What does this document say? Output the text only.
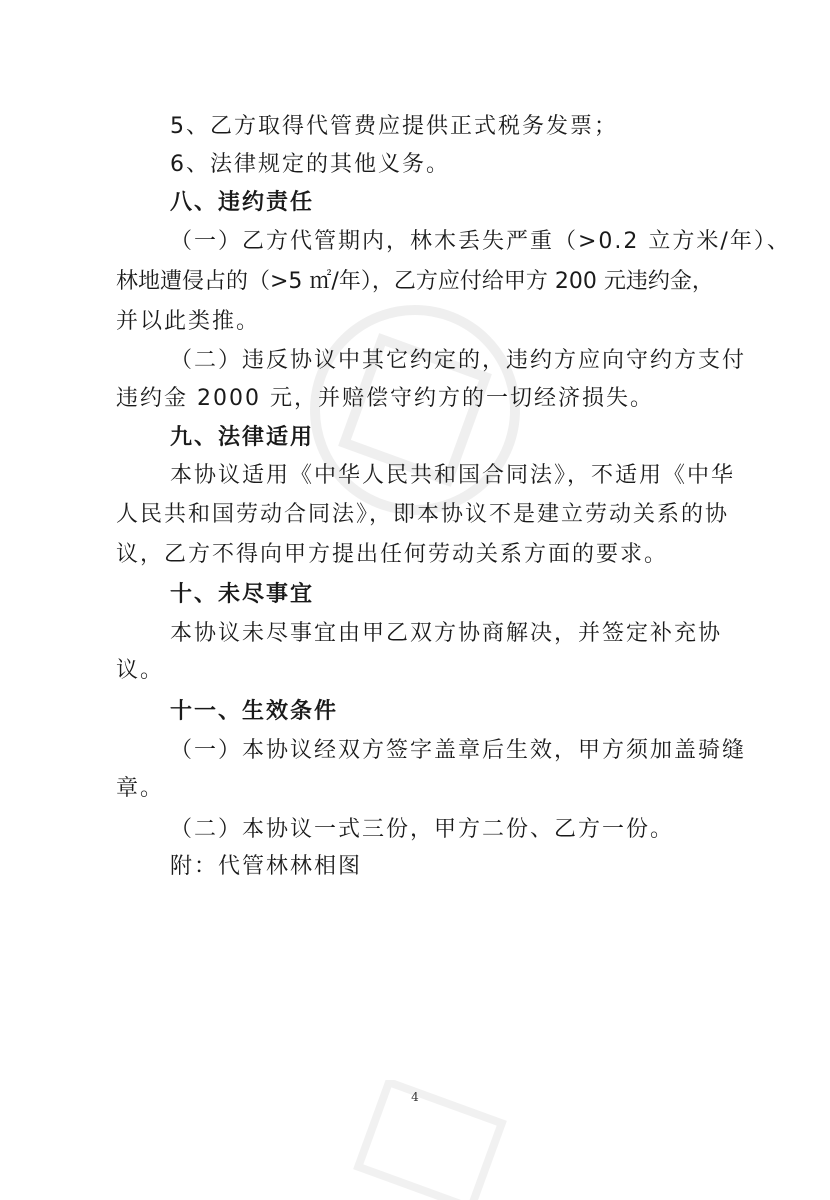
5、乙方取得代管费应提供正式税务发票；
6、法律规定的其他义务。
八、违约责任
（一）乙方代管期内，林木丢失严重（>0.2 立方米/年）、
林地遭侵占的（>5 ㎡/年），乙方应付给甲方 200 元违约金，
并以此类推。
（二）违反协议中其它约定的，违约方应向守约方支付
违约金 2000 元，并赔偿守约方的一切经济损失。
九、法律适用
本协议适用《中华人民共和国合同法》，不适用《中华
人民共和国劳动合同法》，即本协议不是建立劳动关系的协
议，乙方不得向甲方提出任何劳动关系方面的要求。
十、未尽事宜
本协议未尽事宜由甲乙双方协商解决，并签定补充协
议。
十一、生效条件
（一）本协议经双方签字盖章后生效，甲方须加盖骑缝
章。
（二）本协议一式三份，甲方二份、乙方一份。
附：代管林林相图
4
